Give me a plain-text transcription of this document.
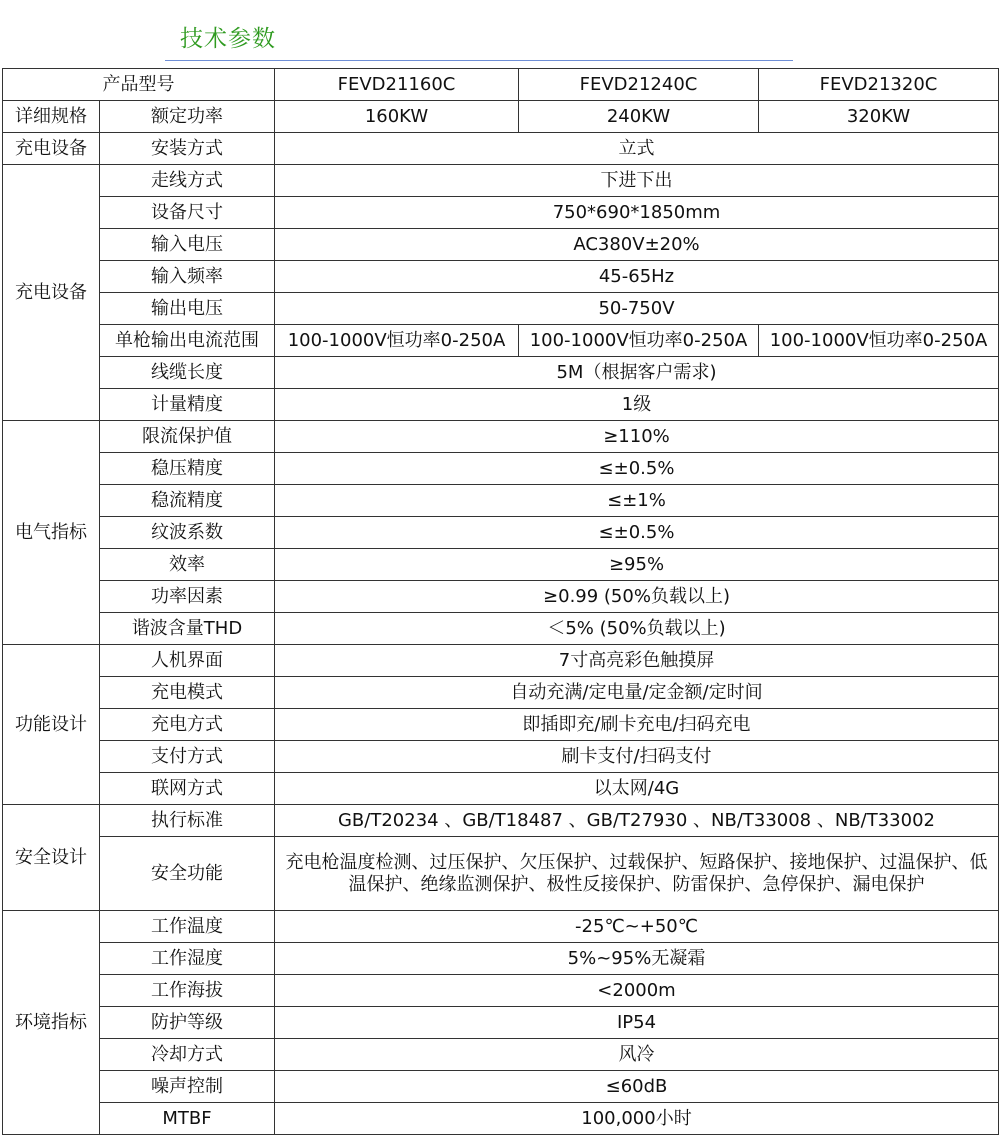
技术参数
产品型号		FEVD21160C	FEVD21240C	FEVD21320C
详细规格	额定功率	160KW	240KW	320KW
充电设备	安装方式	立式		
充电设备	走线方式	下进下出		
	设备尺寸	750*690*1850mm		
	输入电压	AC380V±20%		
	输入频率	45-65Hz		
	输出电压	50-750V		
	单枪输出电流范围	100-1000V恒功率0-250A	100-1000V恒功率0-250A	100-1000V恒功率0-250A
	线缆长度	5M（根据客户需求)		
	计量精度	1级		
电气指标	限流保护值	≥110%		
	稳压精度	≤±0.5%		
	稳流精度	≤±1%		
	纹波系数	≤±0.5%		
	效率	≥95%		
	功率因素	≥0.99 (50%负载以上)		
	谐波含量THD	＜5% (50%负载以上)		
功能设计	人机界面	7寸高亮彩色触摸屏		
	充电模式	自动充满/定电量/定金额/定时间		
	充电方式	即插即充/刷卡充电/扫码充电		
	支付方式	刷卡支付/扫码支付		
	联网方式	以太网/4G		
安全设计	执行标准	GB/T20234 、GB/T18487 、GB/T27930 、NB/T33008 、NB/T33002		
	安全功能	充电枪温度检测、过压保护、欠压保护、过载保护、短路保护、接地保护、过温保护、低温保护、绝缘监测保护、极性反接保护、防雷保护、急停保护、漏电保护		
环境指标	工作温度	-25℃~+50℃		
	工作湿度	5%~95%无凝霜		
	工作海拔	<2000m		
	防护等级	IP54		
	冷却方式	风冷		
	噪声控制	≤60dB		
	MTBF	100,000小时		
